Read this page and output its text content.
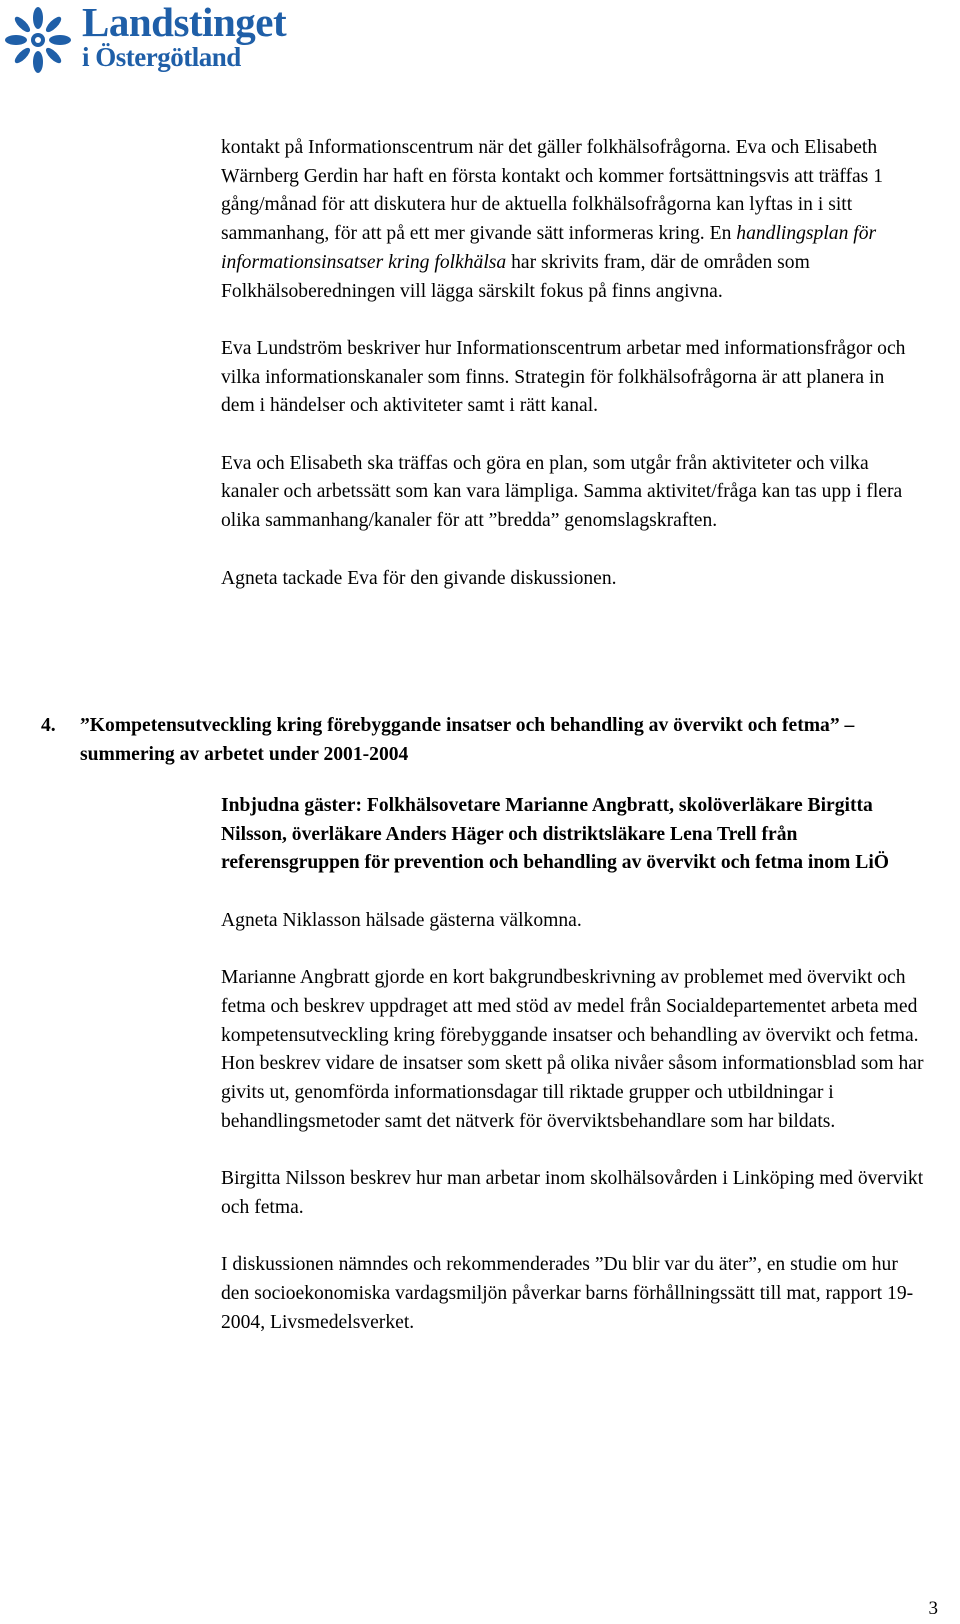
Landstinget
i Östergötland

kontakt på Informationscentrum när det gäller folkhälsofrågorna. Eva och Elisabeth Wärnberg Gerdin har haft en första kontakt och kommer fortsättningsvis att träffas 1 gång/månad för att diskutera hur de aktuella folkhälsofrågorna kan lyftas in i sitt sammanhang, för att på ett mer givande sätt informeras kring. En handlingsplan för informationsinsatser kring folkhälsa har skrivits fram, där de områden som Folkhälsoberedningen vill lägga särskilt fokus på finns angivna.

Eva Lundström beskriver hur Informationscentrum arbetar med informationsfrågor och vilka informationskanaler som finns. Strategin för folkhälsofrågorna är att planera in dem i händelser och aktiviteter samt i rätt kanal.

Eva och Elisabeth ska träffas och göra en plan, som utgår från aktiviteter och vilka kanaler och arbetssätt som kan vara lämpliga. Samma aktivitet/fråga kan tas upp i flera olika sammanhang/kanaler för att ”bredda” genomslagskraften.

Agneta tackade Eva för den givande diskussionen.

4. ”Kompetensutveckling kring förebyggande insatser och behandling av övervikt och fetma” – summering av arbetet under 2001-2004

Inbjudna gäster: Folkhälsovetare Marianne Angbratt, skolöverläkare Birgitta Nilsson, överläkare Anders Häger och distriktsläkare Lena Trell från referensgruppen för prevention och behandling av övervikt och fetma inom LiÖ

Agneta Niklasson hälsade gästerna välkomna.

Marianne Angbratt gjorde en kort bakgrundbeskrivning av problemet med övervikt och fetma och beskrev uppdraget att med stöd av medel från Socialdepartementet arbeta med kompetensutveckling kring förebyggande insatser och behandling av övervikt och fetma. Hon beskrev vidare de insatser som skett på olika nivåer såsom informationsblad som har givits ut, genomförda informationsdagar till riktade grupper och utbildningar i behandlingsmetoder samt det nätverk för överviktsbehandlare som har bildats.

Birgitta Nilsson beskrev hur man arbetar inom skolhälsovården i Linköping med övervikt och fetma.

I diskussionen nämndes och rekommenderades ”Du blir var du äter”, en studie om hur den socioekonomiska vardagsmiljön påverkar barns förhållningssätt till mat, rapport 19-2004, Livsmedelsverket.

3
